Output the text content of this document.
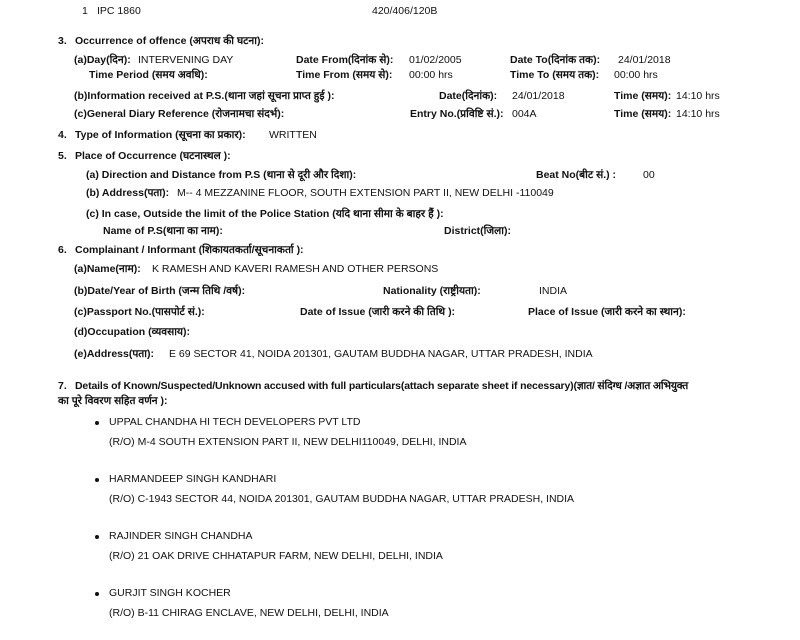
1 IPC 1860	420/406/120B
3. Occurrence of offence (अपराध की घटना):
(a)Day(दिन): INTERVENING DAY	Date From(दिनांक से): 01/02/2005	Date To(दिनांक तक): 24/01/2018
Time Period (समय अवधि):	Time From (समय से): 00:00 hrs	Time To (समय तक): 00:00 hrs
(b)Information received at P.S.(थाना जहां सूचना प्राप्त हुई ):	Date(दिनांक): 24/01/2018	Time (समय): 14:10 hrs
(c)General Diary Reference (रोजनामचा संदर्भ):	Entry No.(प्रविष्टि सं.): 004A	Time (समय): 14:10 hrs
4. Type of Information (सूचना का प्रकार): WRITTEN
5. Place of Occurrence (घटनास्थल ):
(a) Direction and Distance from P.S (थाना से दूरी और दिशा):	Beat No(बीट सं.) :	00
(b) Address(पता): M-- 4 MEZZANINE FLOOR, SOUTH EXTENSION PART II, NEW DELHI -110049
(c) In case, Outside the limit of the Police Station (यदि थाना सीमा के बाहर हैं ):
Name of P.S(थाना का नाम):	District(जिला):
6. Complainant / Informant (शिकायतकर्ता/सूचनाकर्ता ):
(a)Name(नाम): K RAMESH AND KAVERI RAMESH AND OTHER PERSONS
(b)Date/Year of Birth (जन्म तिथि /वर्ष):	Nationality (राष्ट्रीयता):	INDIA
(c)Passport No.(पासपोर्ट सं.):	Date of Issue (जारी करने की तिथि ):	Place of Issue (जारी करने का स्थान):
(d)Occupation (व्यवसाय):
(e)Address(पता): E 69 SECTOR 41, NOIDA 201301, GAUTAM BUDDHA NAGAR, UTTAR PRADESH, INDIA
7. Details of Known/Suspected/Unknown accused with full particulars(attach separate sheet if necessary)(ज्ञात/ संदिग्ध /अज्ञात अभियुक्त
का पूरे विवरण सहित वर्णन ):
UPPAL CHANDHA HI TECH DEVELOPERS PVT LTD
(R/O) M-4 SOUTH EXTENSION PART II, NEW DELHI110049, DELHI, INDIA
HARMANDEEP SINGH KANDHARI
(R/O) C-1943 SECTOR 44, NOIDA 201301, GAUTAM BUDDHA NAGAR, UTTAR PRADESH, INDIA
RAJINDER SINGH CHANDHA
(R/O) 21 OAK DRIVE CHHATAPUR FARM, NEW DELHI, DELHI, INDIA
GURJIT SINGH KOCHER
(R/O) B-11 CHIRAG ENCLAVE, NEW DELHI, DELHI, INDIA
